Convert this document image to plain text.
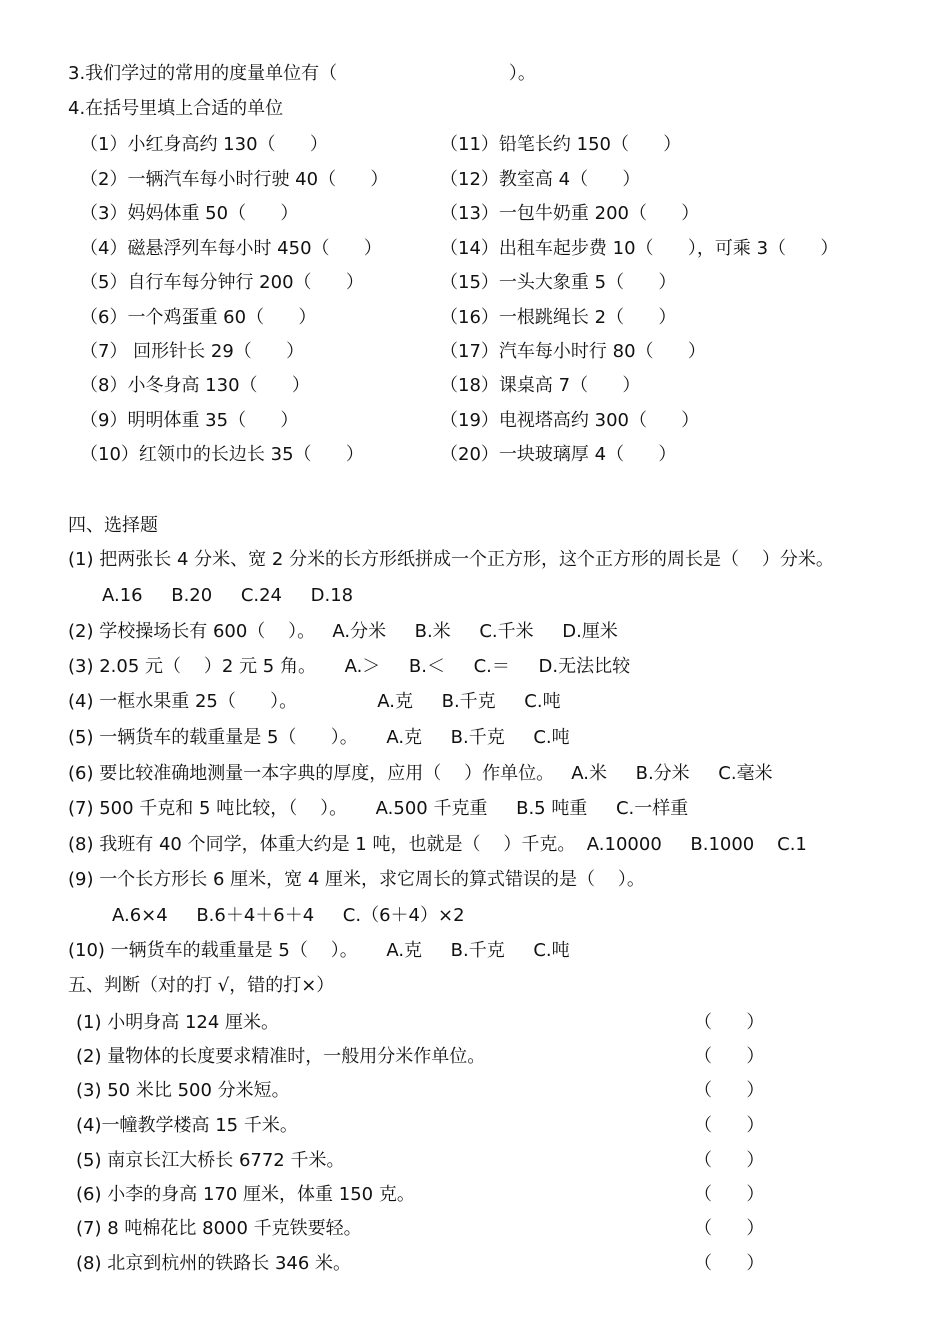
3.我们学过的常用的度量单位有（                              ）。
4.在括号里填上合适的单位
（1）小红身高约 130（      ）
（2）一辆汽车每小时行驶 40（      ）
（3）妈妈体重 50（      ）
（4）磁悬浮列车每小时 450（      ）
（5）自行车每分钟行 200（      ）
（6）一个鸡蛋重 60（      ）
（7） 回形针长 29（      ）
（8）小冬身高 130（      ）
（9）明明体重 35（      ）
（10）红领巾的长边长 35（      ）
（11）铅笔长约 150（      ）
（12）教室高 4（      ）
（13）一包牛奶重 200（      ）
（14）出租车起步费 10（      ），可乘 3（      ）
（15）一头大象重 5（      ）
（16）一根跳绳长 2（      ）
（17）汽车每小时行 80（      ）
（18）课桌高 7（      ）
（19）电视塔高约 300（      ）
（20）一块玻璃厚 4（      ）
四、选择题
(1) 把两张长 4 分米、宽 2 分米的长方形纸拼成一个正方形，这个正方形的周长是（    ）分米。
A.16     B.20     C.24     D.18
(2) 学校操场长有 600（    ）。   A.分米     B.米     C.千米     D.厘米
(3) 2.05 元（    ）2 元 5 角。     A.＞     B.＜     C.＝     D.无法比较
(4) 一框水果重 25（      ）。              A.克     B.千克     C.吨
(5) 一辆货车的载重量是 5（      ）。     A.克     B.千克     C.吨
(6) 要比较准确地测量一本字典的厚度，应用（    ）作单位。   A.米     B.分米     C.毫米
(7) 500 千克和 5 吨比较，（    ）。     A.500 千克重     B.5 吨重     C.一样重
(8) 我班有 40 个同学，体重大约是 1 吨，也就是（    ）千克。  A.10000     B.1000    C.1
(9) 一个长方形长 6 厘米，宽 4 厘米，求它周长的算式错误的是（    ）。
A.6×4     B.6＋4＋6＋4     C.（6＋4）×2
(10) 一辆货车的载重量是 5（    ）。     A.克     B.千克     C.吨
五、判断（对的打 √，错的打×）
(1) 小明身高 124 厘米。	（      ）
(2) 量物体的长度要求精准时，一般用分米作单位。	（      ）
(3) 50 米比 500 分米短。	（      ）
(4)一幢教学楼高 15 千米。	（      ）
(5) 南京长江大桥长 6772 千米。	（      ）
(6) 小李的身高 170 厘米，体重 150 克。	（      ）
(7) 8 吨棉花比 8000 千克铁要轻。	（      ）
(8) 北京到杭州的铁路长 346 米。	（      ）
